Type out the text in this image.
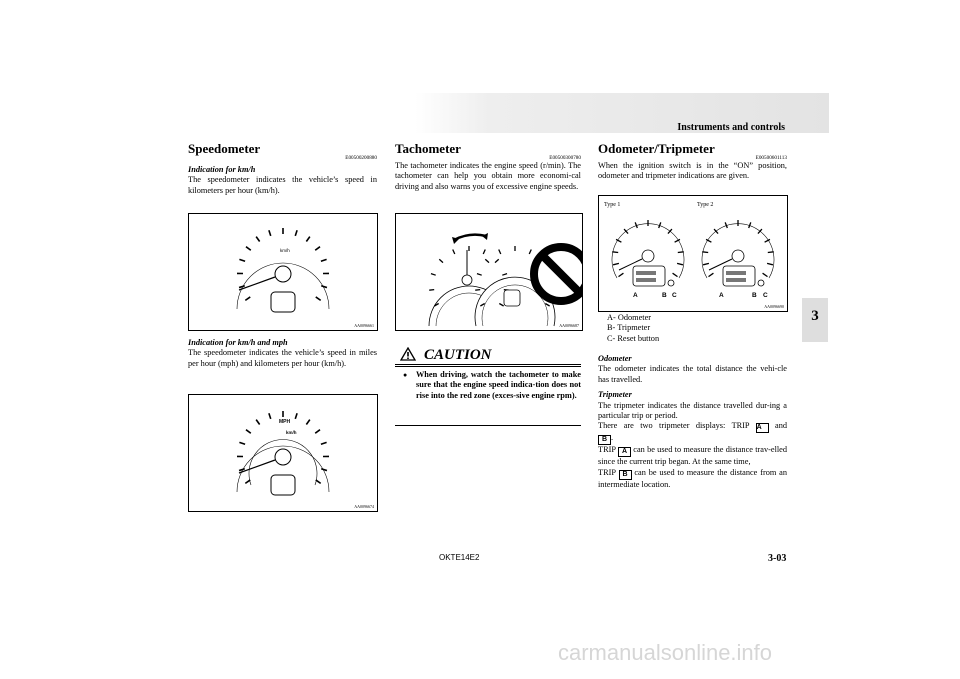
Instruments and controls
3
Speedometer
E00500200880
Indication for km/h

The speedometer indicates the vehicle’s speed in kilometers per hour (km/h).

km/h
AA0096661
Indication for km/h and mph

The speedometer indicates the vehicle’s speed in miles per hour (mph) and kilometers per hour (km/h).

MPH
km/h
AA0096674
Tachometer
E00500300780

The tachometer indicates the engine speed (r/min). The tachometer can help you obtain more economi-cal driving and also warns you of excessive engine speeds.

AA0096687
CAUTION
● When driving, watch the tachometer to make sure that the engine speed indica-tion does not rise into the red zone (exces-sive engine rpm).
Odometer/Tripmeter
E00500601113

When the ignition switch is in the “ON” position, odometer and tripmeter indications are given.

Type 1	Type 2
A	B C	A	B C
AA0096690
A- Odometer
B- Tripmeter
C- Reset button
Odometer

The odometer indicates the total distance the vehi-cle has travelled.

Tripmeter

The tripmeter indicates the distance travelled dur-ing a particular trip or period.

There are two tripmeter displays: TRIP A and

B .

TRIP A can be used to measure the distance trav-elled since the current trip began. At the same time,

TRIP B can be used to measure the distance from an intermediate location.

OKTE14E2	3-03
carmanualsonline.info
